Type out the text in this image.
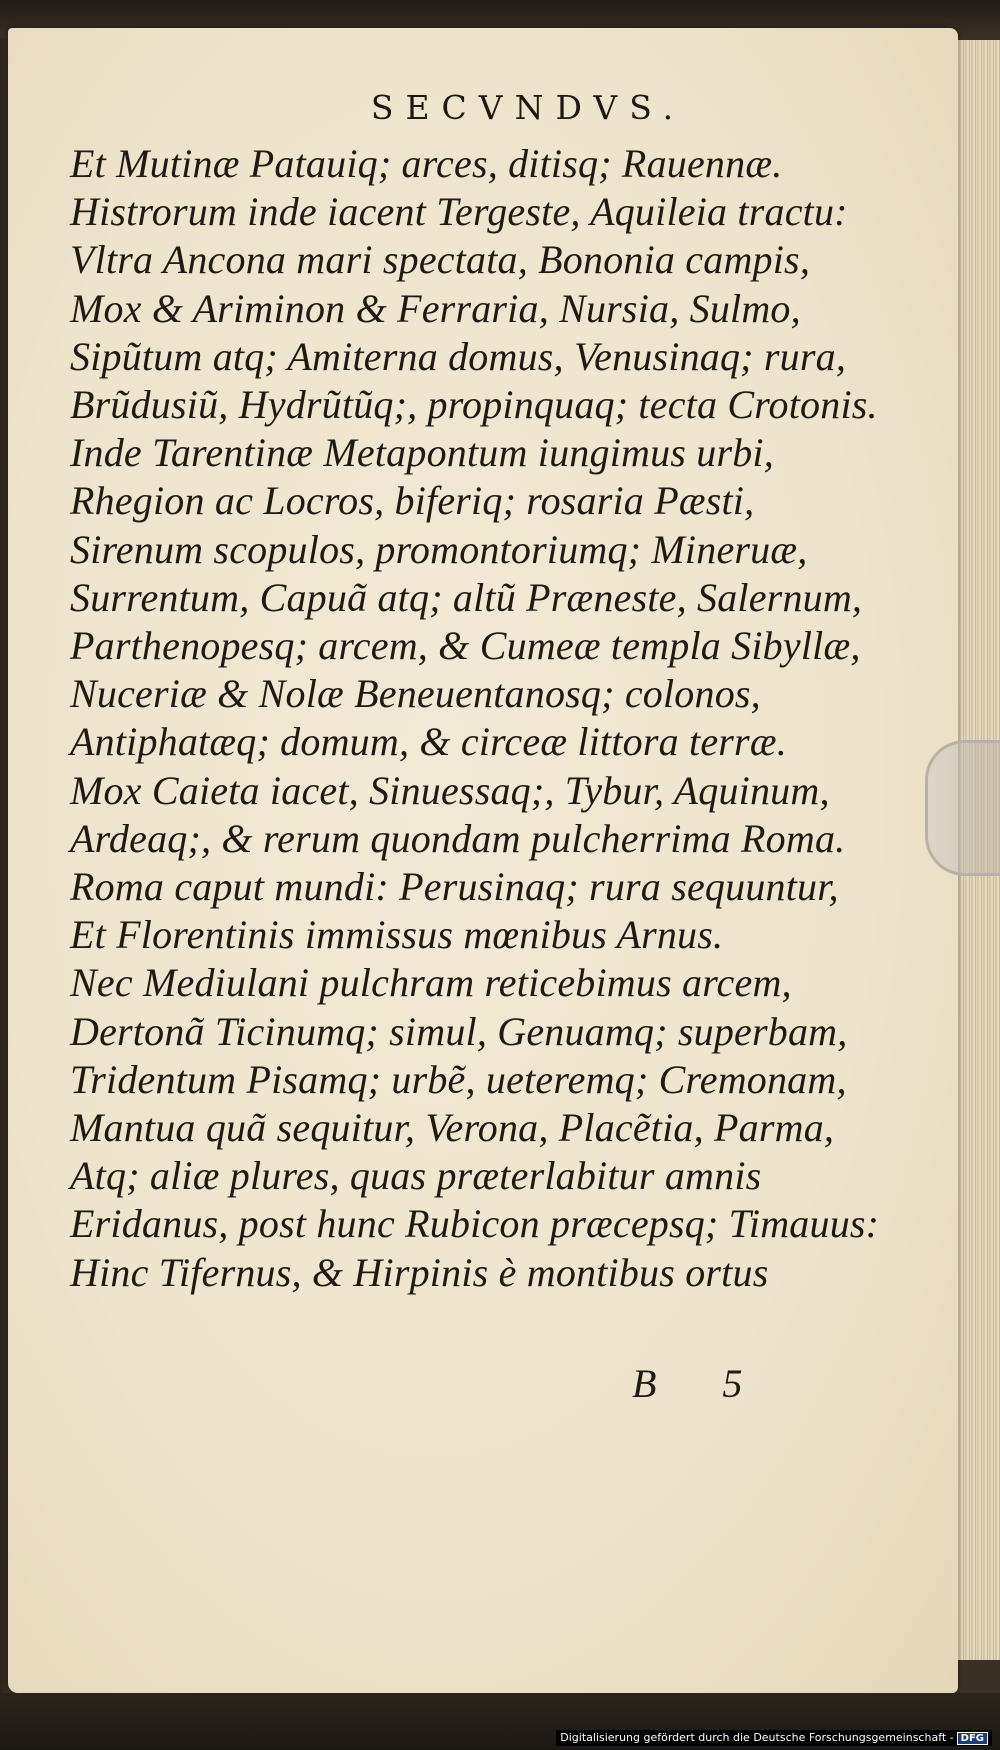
SECVNDVS.
Et Mutinæ Patauiq; arces, ditisq; Rauennæ.
Histrorum inde iacent Tergeste, Aquileia tractu:
Vltra Ancona mari spectata, Bononia campis,
Mox & Ariminon & Ferraria, Nursia, Sulmo,
Sipũtum atq; Amiterna domus, Venusinaq; rura,
Brũdusiũ, Hydrũtũq;, propinquaq; tecta Crotonis.
Inde Tarentinæ Metapontum iungimus urbi,
Rhegion ac Locros, biferiq; rosaria Pæsti,
Sirenum scopulos, promontoriumq; Mineruæ,
Surrentum, Capuã atq; altũ Præneste, Salernum,
Parthenopesq; arcem, & Cumeæ templa Sibyllæ,
Nuceriæ & Nolæ Beneuentanosq; colonos,
Antiphatæq; domum, & circeæ littora terræ.
Mox Caieta iacet, Sinuessaq;, Tybur, Aquinum,
Ardeaq;, & rerum quondam pulcherrima Roma.
Roma caput mundi: Perusinaq; rura sequuntur,
Et Florentinis immissus mœnibus Arnus.
Nec Mediulani pulchram reticebimus arcem,
Dertonã Ticinumq; simul, Genuamq; superbam,
Tridentum Pisamq; urbẽ, ueteremq; Cremonam,
Mantua quã sequitur, Verona, Placẽtia, Parma,
Atq; aliæ plures, quas præterlabitur amnis
Eridanus, post hunc Rubicon præcepsq; Timauus:
Hinc Tifernus, & Hirpinis è montibus ortus
B 5
Digitalisierung gefördert durch die Deutsche Forschungsgemeinschaft - DFG
